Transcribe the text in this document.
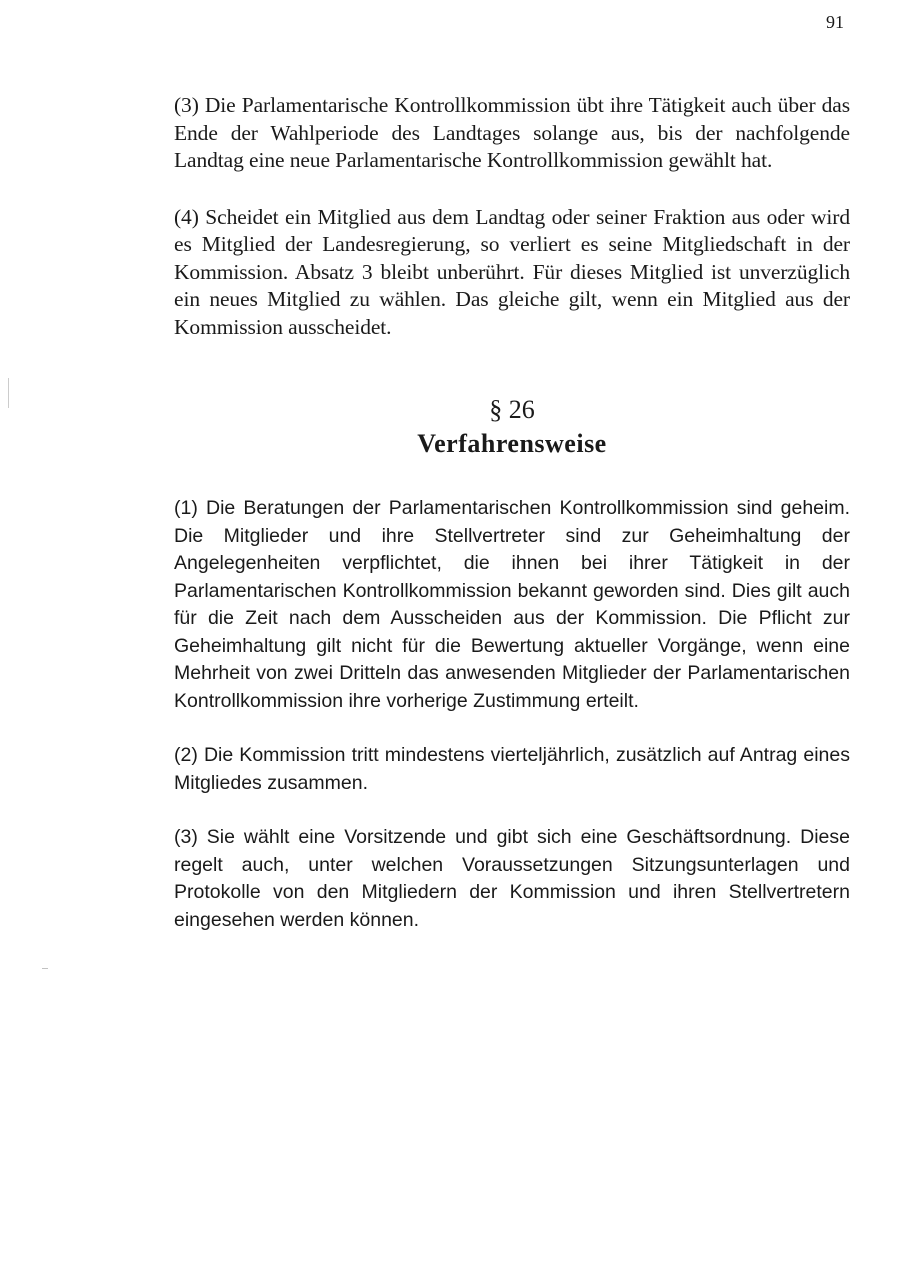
91

(3) Die Parlamentarische Kontrollkommission übt ihre Tätigkeit auch über das Ende der Wahlperiode des Landtages solange aus, bis der nachfolgende Landtag eine neue Parlamentarische Kontrollkommission gewählt hat.

(4) Scheidet ein Mitglied aus dem Landtag oder seiner Fraktion aus oder wird es Mitglied der Landesregierung, so verliert es seine Mitgliedschaft in der Kommission. Absatz 3 bleibt unberührt. Für dieses Mitglied ist unverzüglich ein neues Mitglied zu wählen. Das gleiche gilt, wenn ein Mitglied aus der Kommission ausscheidet.

§ 26
Verfahrensweise

(1) Die Beratungen der Parlamentarischen Kontrollkommission sind geheim. Die Mitglieder und ihre Stellvertreter sind zur Geheimhaltung der Angelegenheiten verpflichtet, die ihnen bei ihrer Tätigkeit in der Parlamentarischen Kontrollkommission bekannt geworden sind. Dies gilt auch für die Zeit nach dem Ausscheiden aus der Kommission. Die Pflicht zur Geheimhaltung gilt nicht für die Bewertung aktueller Vorgänge, wenn eine Mehrheit von zwei Dritteln das anwesenden Mitglieder der Parlamentarischen Kontrollkommission ihre vorherige Zustimmung erteilt.

(2) Die Kommission tritt mindestens vierteljährlich, zusätzlich auf Antrag eines Mitgliedes zusammen.

(3) Sie wählt eine Vorsitzende und gibt sich eine Geschäftsordnung. Diese regelt auch, unter welchen Voraussetzungen Sitzungsunterlagen und Protokolle von den Mitgliedern der Kommission und ihren Stellvertretern eingesehen werden können.
